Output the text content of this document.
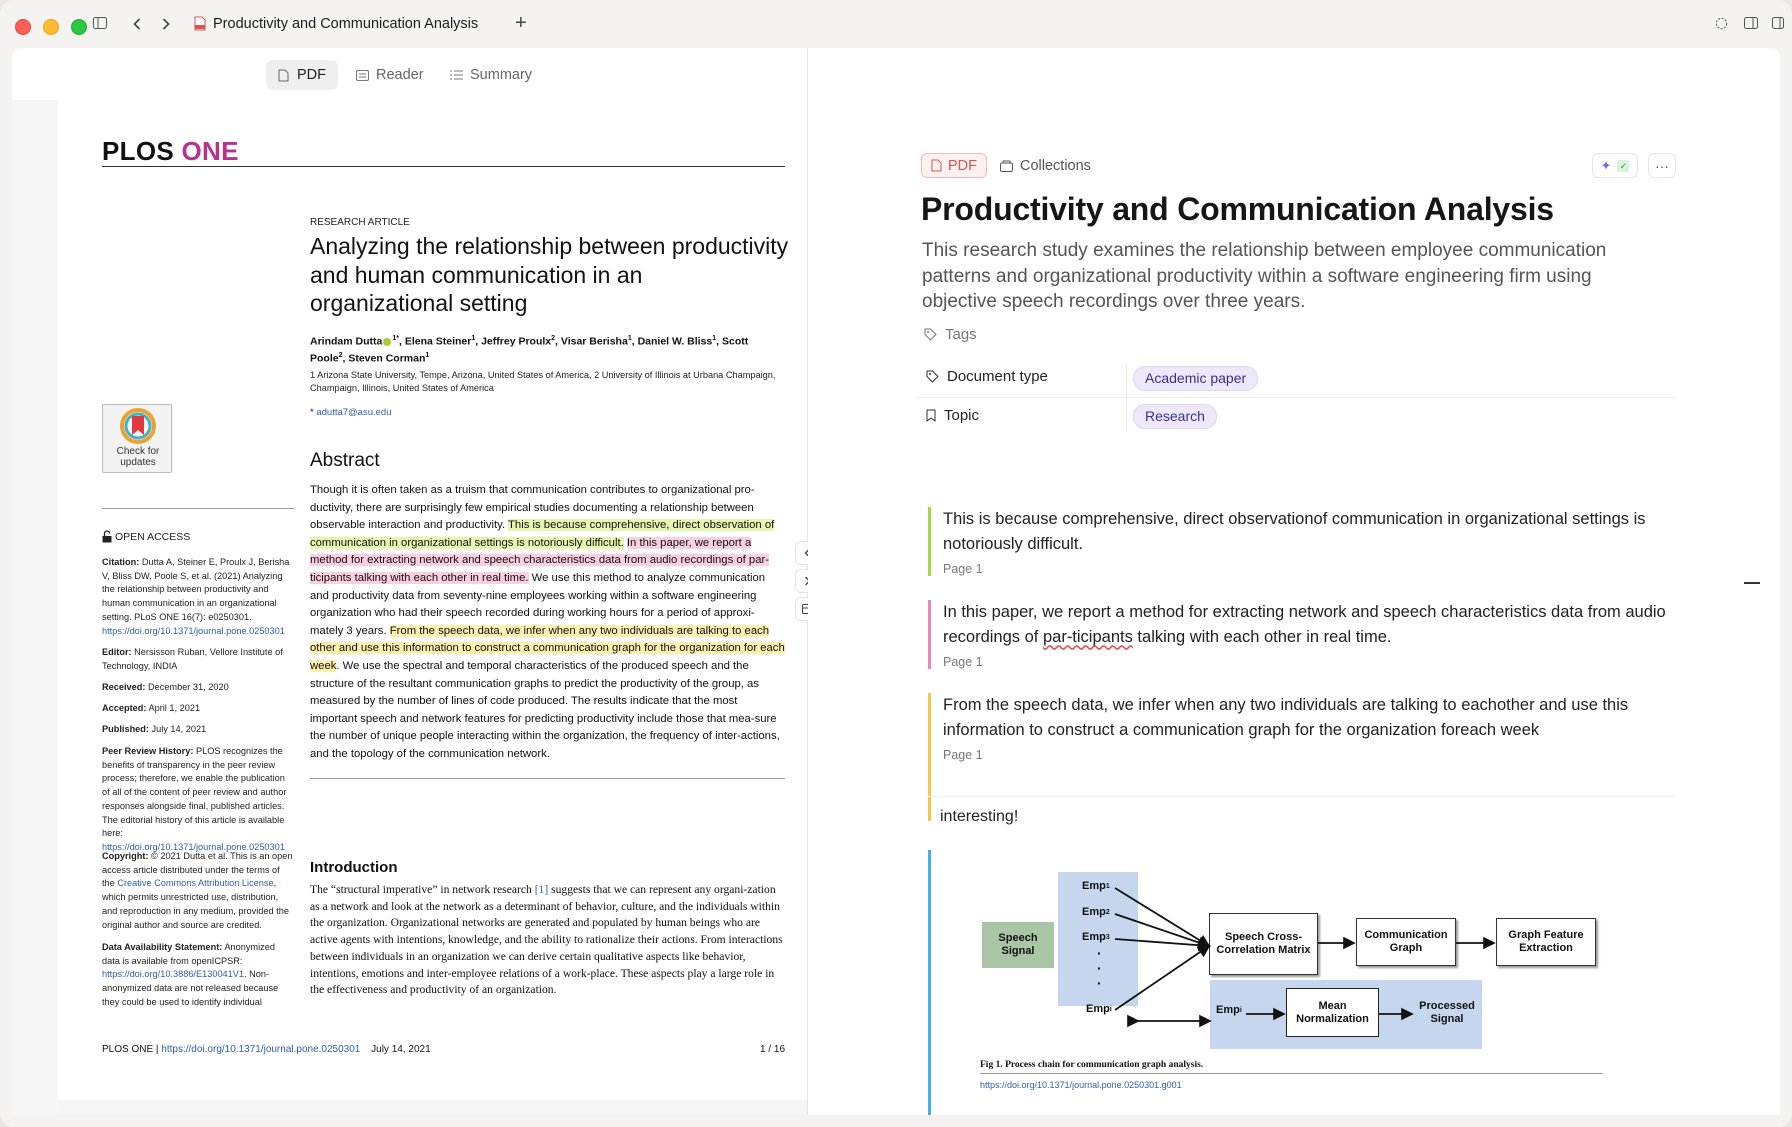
Productivity and Communication Analysis +
PDF	Reader	Summary
PLOS ONE
RESEARCH ARTICLE
Analyzing the relationship between productivity and human communication in an organizational setting
Arindam Dutta $^{1*}$, Elena Steiner$^1$, Jeffrey Proulx$^2$, Visar Berisha$^1$, Daniel W. Bliss$^1$, Scott Poole$^2$, Steven Corman$^1$
1 Arizona State University, Tempe, Arizona, United States of America, 2 University of Illinois at Urbana Champaign, Champaign, Illinois, United States of America
* adutta7@asu.edu
Check for updates
OPEN ACCESS
Citation: Dutta A, Steiner E, Proulx J, Berisha V, Bliss DW, Poole S, et al. (2021) Analyzing the relationship between productivity and human communication in an organizational setting. PLoS ONE 16(7): e0250301. https://doi.org/10.1371/journal.pone.0250301
Editor: Nersisson Ruban, Vellore Institute of Technology, INDIA
Received: December 31, 2020
Accepted: April 1, 2021
Published: July 14, 2021
Peer Review History: PLOS recognizes the benefits of transparency in the peer review process; therefore, we enable the publication of all of the content of peer review and author responses alongside final, published articles. The editorial history of this article is available here: https://doi.org/10.1371/journal.pone.0250301
Copyright: © 2021 Dutta et al. This is an open access article distributed under the terms of the Creative Commons Attribution License, which permits unrestricted use, distribution, and reproduction in any medium, provided the original author and source are credited.
Data Availability Statement: Anonymized data is available from openICPSR: https://doi.org/10.3886/E130041V1. Non-anonymized data are not released because they could be used to identify individual
Abstract
Though it is often taken as a truism that communication contributes to organizational pro-ductivity, there are surprisingly few empirical studies documenting a relationship between observable interaction and productivity. This is because comprehensive, direct observation of communication in organizational settings is notoriously difficult. In this paper, we report a method for extracting network and speech characteristics data from audio recordings of par-ticipants talking with each other in real time. We use this method to analyze communication and productivity data from seventy-nine employees working within a software engineering organization who had their speech recorded during working hours for a period of approxi-mately 3 years. From the speech data, we infer when any two individuals are talking to each other and use this information to construct a communication graph for the organization for each week. We use the spectral and temporal characteristics of the produced speech and the structure of the resultant communication graphs to predict the productivity of the group, as measured by the number of lines of code produced. The results indicate that the most important speech and network features for predicting productivity include those that mea-sure the number of unique people interacting within the organization, the frequency of inter-actions, and the topology of the communication network.
Introduction
The “structural imperative” in network research [1] suggests that we can represent any organi-zation as a network and look at the network as a determinant of behavior, culture, and the individuals within the organization. Organizational networks are generated and populated by human beings who are active agents with intentions, knowledge, and the ability to rationalize their actions. From interactions between individuals in an organization we can derive certain qualitative aspects like behavior, intentions, emotions and inter-employee relations of a work-place. These aspects play a large role in the effectiveness and productivity of an organization.
PLOS ONE | https://doi.org/10.1371/journal.pone.0250301 July 14, 2021	1 / 16
PDF	Collections	✦ ✓ ···
Productivity and Communication Analysis
This research study examines the relationship between employee communication patterns and organizational productivity within a software engineering firm using objective speech recordings over three years.
Tags
Document type	Academic paper
Topic	Research
This is because comprehensive, direct observationof communication in organizational settings is notoriously difficult.
Page 1
In this paper, we report a method for extracting network and speech characteristics data from audio recordings of par-ticipants talking with each other in real time.
Page 1
From the speech data, we infer when any two individuals are talking to eachother and use this information to construct a communication graph for the organization foreach week
Page 1
interesting!
Speech Signal
Emp 1
Emp 2
Emp 3
·
·
·
Emp i	Emp i
Speech Cross-Correlation Matrix
Communication Graph
Graph Feature Extraction
Mean Normalization
Processed Signal
Fig 1. Process chain for communication graph analysis.
https://doi.org/10.1371/journal.pone.0250301.g001
